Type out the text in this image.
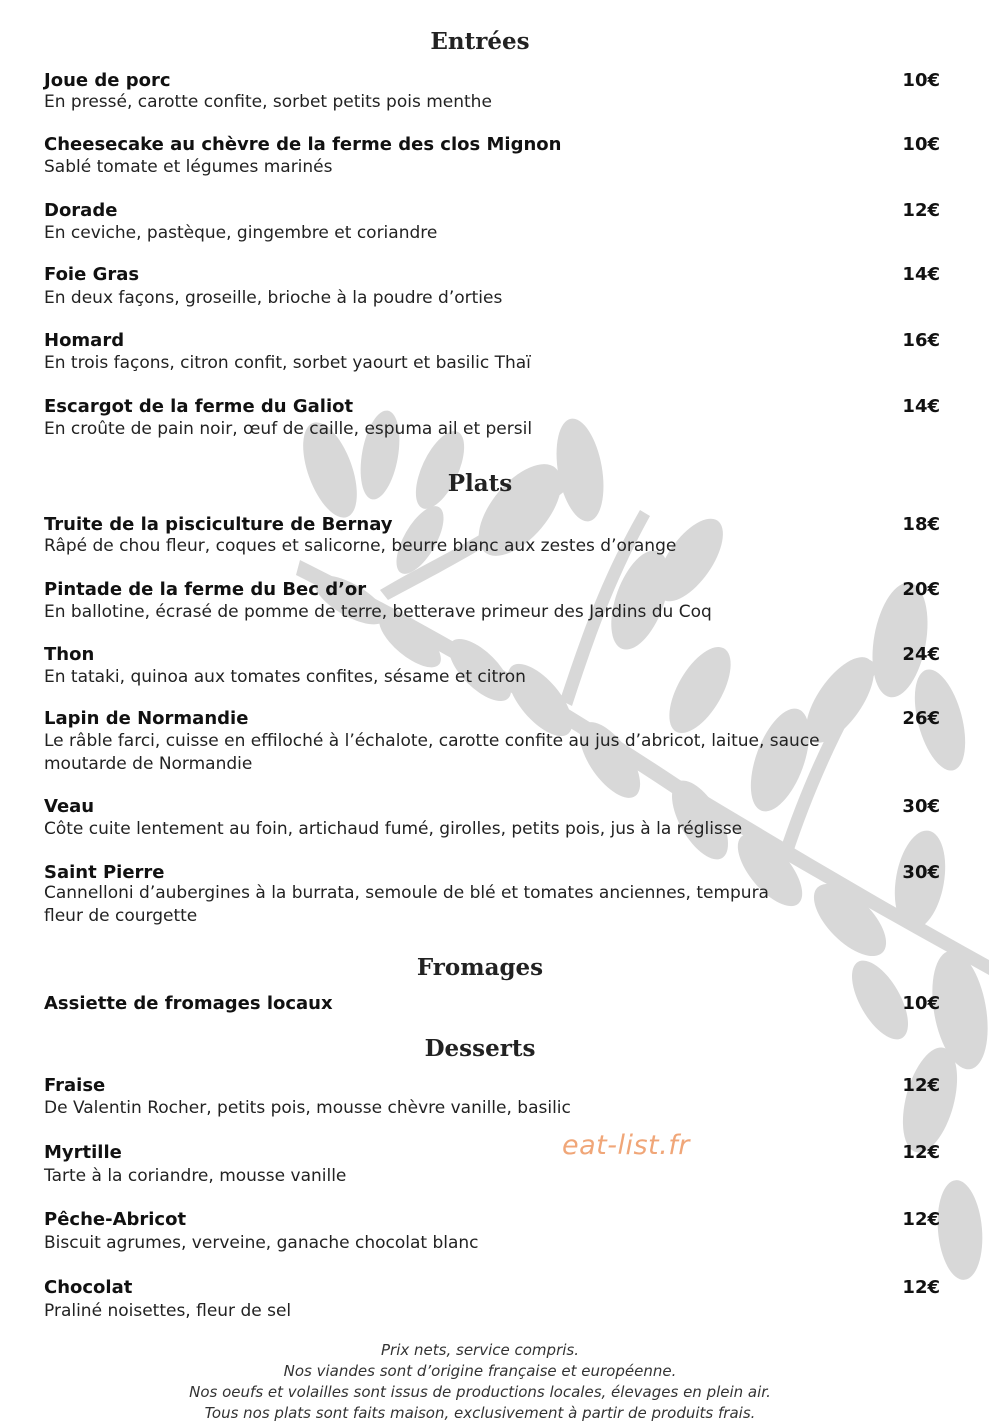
Entrées
Joue de porc	10€
En pressé, carotte confite, sorbet petits pois menthe
Cheesecake au chèvre de la ferme des clos Mignon	10€
Sablé tomate et légumes marinés
Dorade	12€
En ceviche, pastèque, gingembre et coriandre
Foie Gras	14€
En deux façons, groseille, brioche à la poudre d’orties
Homard	16€
En trois façons, citron confit, sorbet yaourt et basilic Thaï
Escargot de la ferme du Galiot	14€
En croûte de pain noir, œuf de caille, espuma ail et persil
Plats
Truite de la pisciculture de Bernay	18€
Râpé de chou fleur, coques et salicorne, beurre blanc aux zestes d’orange
Pintade de la ferme du Bec d’or	20€
En ballotine, écrasé de pomme de terre, betterave primeur des Jardins du Coq
Thon	24€
En tataki, quinoa aux tomates confites, sésame et citron
Lapin de Normandie	26€
Le râble farci, cuisse en effiloché à l’échalote, carotte confite au jus d’abricot, laitue, sauce moutarde de Normandie
Veau	30€
Côte cuite lentement au foin, artichaud fumé, girolles, petits pois, jus à la réglisse
Saint Pierre	30€
Cannelloni d’aubergines à la burrata, semoule de blé et tomates anciennes, tempura fleur de courgette
Fromages
Assiette de fromages locaux	10€
Desserts
Fraise	12€
De Valentin Rocher, petits pois, mousse chèvre vanille, basilic
Myrtille	12€
Tarte à la coriandre, mousse vanille
Pêche-Abricot	12€
Biscuit agrumes, verveine, ganache chocolat blanc
Chocolat	12€
Praliné noisettes, fleur de sel
eat-list.fr
Prix nets, service compris.
Nos viandes sont d’origine française et européenne.
Nos oeufs et volailles sont issus de productions locales, élevages en plein air.
Tous nos plats sont faits maison, exclusivement à partir de produits frais.
